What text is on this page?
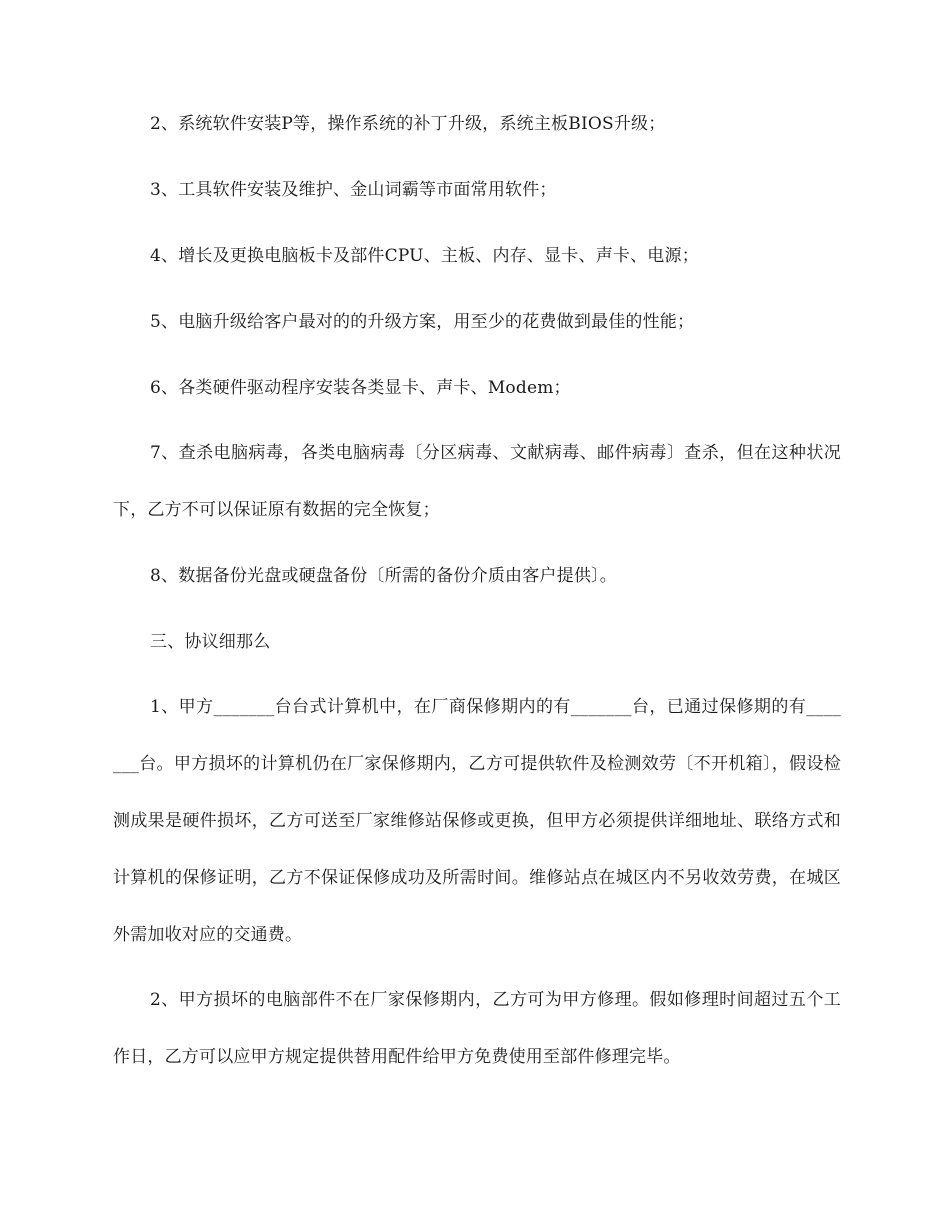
2、系统软件安装P等，操作系统的补丁升级，系统主板BIOS升级；

3、工具软件安装及维护、金山词霸等市面常用软件；

4、增长及更换电脑板卡及部件CPU、主板、内存、显卡、声卡、电源；

5、电脑升级给客户最对的的升级方案，用至少的花费做到最佳的性能；

6、各类硬件驱动程序安装各类显卡、声卡、Modem；

7、查杀电脑病毒，各类电脑病毒〔分区病毒、文献病毒、邮件病毒〕查杀，但在这种状况下，乙方不可以保证原有数据的完全恢复；

8、数据备份光盘或硬盘备份〔所需的备份介质由客户提供〕。

三、协议细那么

1、甲方_______台台式计算机中，在厂商保修期内的有_______台，已通过保修期的有_______台。甲方损坏的计算机仍在厂家保修期内，乙方可提供软件及检测效劳〔不开机箱〕，假设检测成果是硬件损坏，乙方可送至厂家维修站保修或更换，但甲方必须提供详细地址、联络方式和计算机的保修证明，乙方不保证保修成功及所需时间。维修站点在城区内不另收效劳费，在城区外需加收对应的交通费。

2、甲方损坏的电脑部件不在厂家保修期内，乙方可为甲方修理。假如修理时间超过五个工作日，乙方可以应甲方规定提供替用配件给甲方免费使用至部件修理完毕。
